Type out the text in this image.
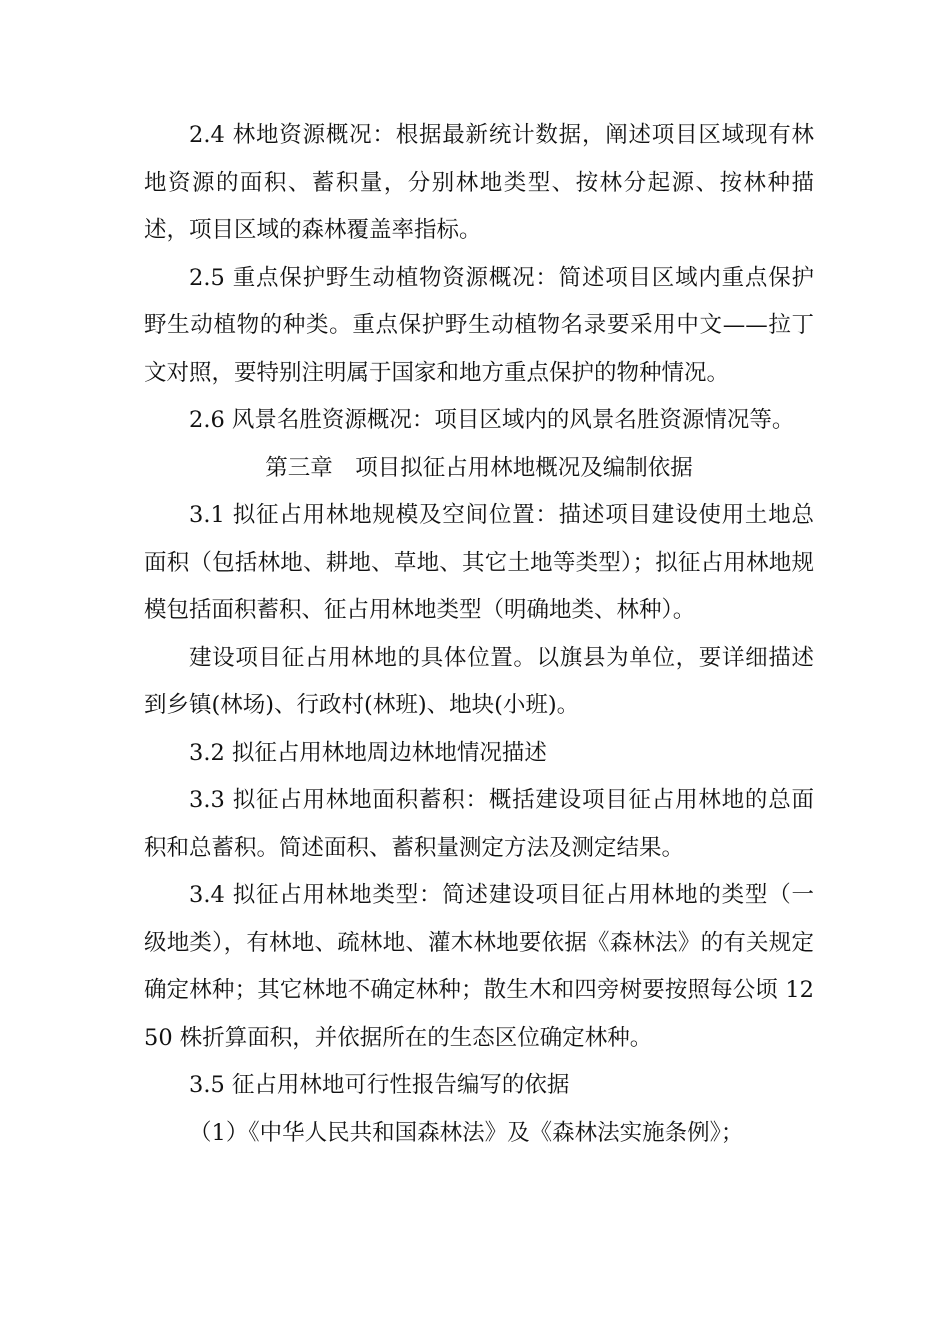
2.4 林地资源概况：根据最新统计数据，阐述项目区域现有林地资源的面积、蓄积量，分别林地类型、按林分起源、按林种描述，项目区域的森林覆盖率指标。

2.5 重点保护野生动植物资源概况：简述项目区域内重点保护野生动植物的种类。重点保护野生动植物名录要采用中文——拉丁文对照，要特别注明属于国家和地方重点保护的物种情况。

2.6 风景名胜资源概况：项目区域内的风景名胜资源情况等。

第三章　项目拟征占用林地概况及编制依据

3.1 拟征占用林地规模及空间位置：描述项目建设使用土地总面积（包括林地、耕地、草地、其它土地等类型）；拟征占用林地规模包括面积蓄积、征占用林地类型（明确地类、林种）。

建设项目征占用林地的具体位置。以旗县为单位，要详细描述到乡镇(林场)、行政村(林班)、地块(小班)。

3.2 拟征占用林地周边林地情况描述

3.3 拟征占用林地面积蓄积：概括建设项目征占用林地的总面积和总蓄积。简述面积、蓄积量测定方法及测定结果。

3.4 拟征占用林地类型：简述建设项目征占用林地的类型（一级地类），有林地、疏林地、灌木林地要依据《森林法》的有关规定确定林种；其它林地不确定林种；散生木和四旁树要按照每公顷 1250 株折算面积，并依据所在的生态区位确定林种。

3.5 征占用林地可行性报告编写的依据

（1）《中华人民共和国森林法》及《森林法实施条例》；
